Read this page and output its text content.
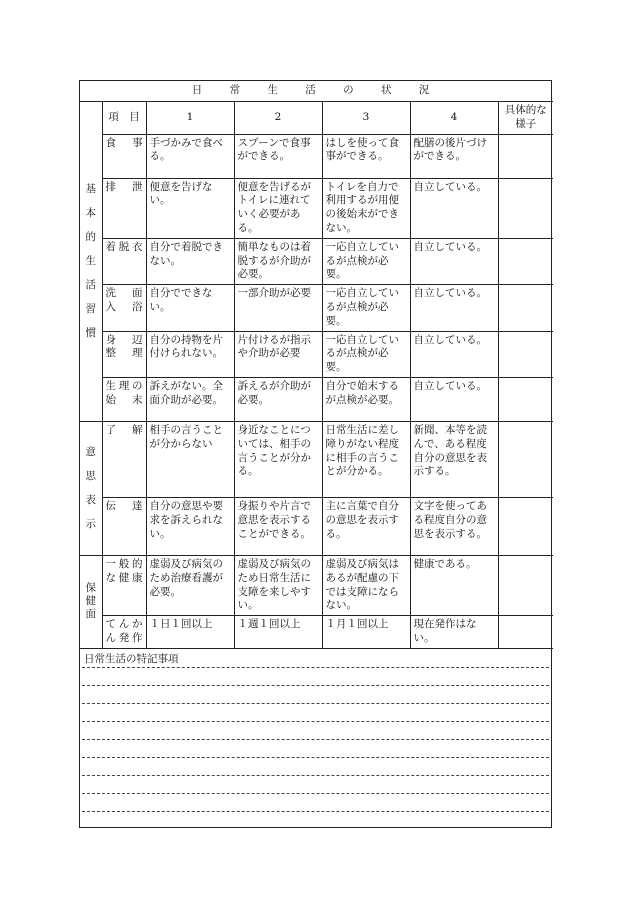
日 常 生 活 の 状 況						
基本的生活習慣	項　目	1	2	3	4	具体的な様子
	食　事	手づかみで食べる。	スプーンで食事ができる。	はしを使って食事ができる。	配膳の後片づけができる。	
	排　泄	便意を告げない。	便意を告げるがトイレに連れていく必要がある。	トイレを自力で利用するが用便の後始末ができない。	自立している。	
	着脱衣	自分で着脱できない。	簡単なものは着脱するが介助が必要。	一応自立しているが点検が必要。	自立している。	
	洗　面入　浴	自分でできない。	一部介助が必要	一応自立しているが点検が必要。	自立している。	
	身　辺整　理	自分の持物を片付けられない。	片付けるが指示や介助が必要	一応自立しているが点検が必要。	自立している。	
	生理の始　末	訴えがない。全面介助が必要。	訴えるが介助が必要。	自分で始末するが点検が必要。	自立している。	
意思表示	了　解	相手の言うことが分からない	身近なことについては、相手の言うことが分かる。	日常生活に差し障りがない程度に相手の言うことが分かる。	新聞、本等を読んで、ある程度自分の意思を表示する。	
	伝　達	自分の意思や要求を訴えられない。	身振りや片言で意思を表示することができる。	主に言葉で自分の意思を表示する。	文字を使ってある程度自分の意思を表示する。	
保健面	一般的な健康	虚弱及び病気のため治療看護が必要。	虚弱及び病気のため日常生活に支障を来しやすい。	虚弱及び病気はあるが配慮の下では支障にならない。	健康である。	
	てんかん発作	１日１回以上	１週１回以上	１月１回以上	現在発作はない。	
日常生活の特記事項
